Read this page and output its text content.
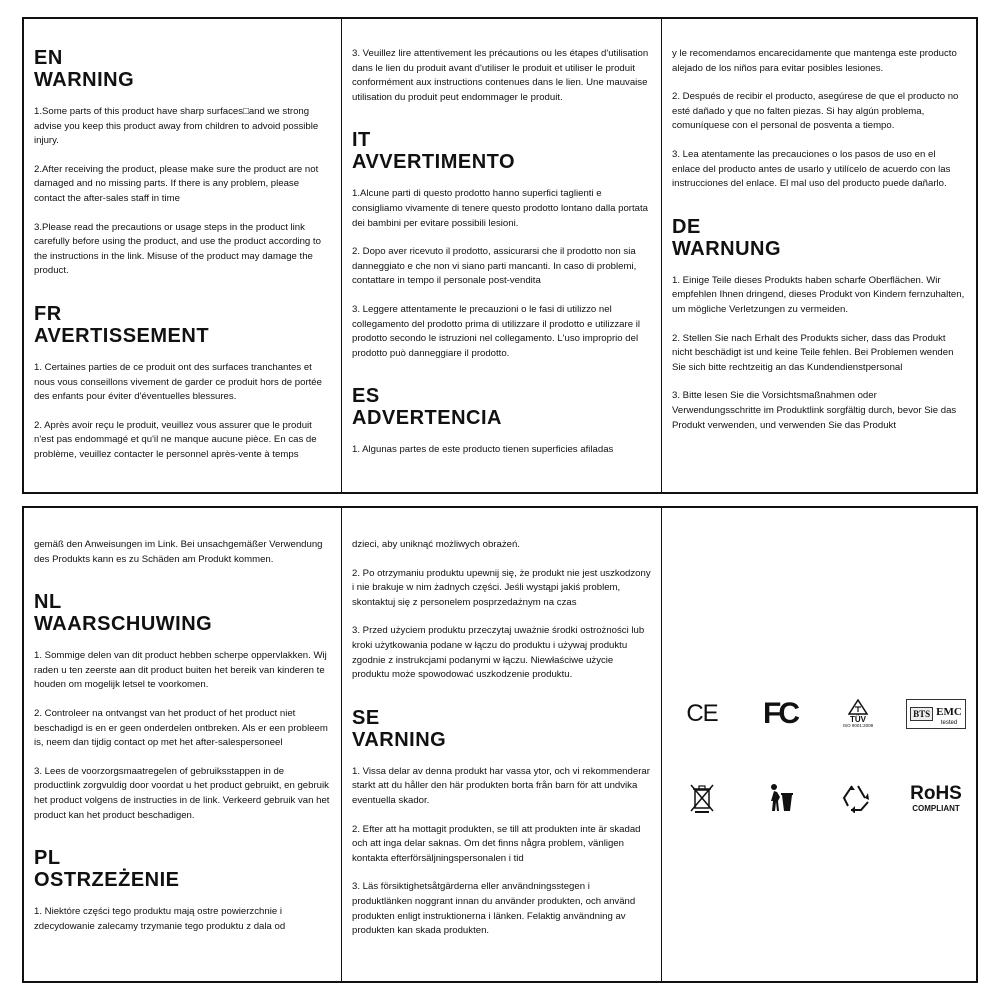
EN
WARNING

1.Some parts of this product have sharp surfaces□and we strong advise you keep this product away from children to advoid possible injury.

2.After receiving the product, please make sure the product are not damaged and no missing parts. If there is any problem, please contact the after-sales staff in time

3.Please read the precautions or usage steps in the product link carefully before using the product, and use the product according to the instructions in the link. Misuse of the product may damage the product.

FR
AVERTISSEMENT

1. Certaines parties de ce produit ont des surfaces tranchantes et nous vous conseillons vivement de garder ce produit hors de portée des enfants pour éviter d'éventuelles blessures.

2. Après avoir reçu le produit, veuillez vous assurer que le produit n'est pas endommagé et qu'il ne manque aucune pièce. En cas de problème, veuillez contacter le personnel après-vente à temps

3. Veuillez lire attentivement les précautions ou les étapes d'utilisation dans le lien du produit avant d'utiliser le produit et utiliser le produit conformément aux instructions contenues dans le lien. Une mauvaise utilisation du produit peut endommager le produit.

IT
AVVERTIMENTO

1.Alcune parti di questo prodotto hanno superfici taglienti e consigliamo vivamente di tenere questo prodotto lontano dalla portata dei bambini per evitare possibili lesioni.

2. Dopo aver ricevuto il prodotto, assicurarsi che il prodotto non sia danneggiato e che non vi siano parti mancanti. In caso di problemi, contattare in tempo il personale post-vendita

3. Leggere attentamente le precauzioni o le fasi di utilizzo nel collegamento del prodotto prima di utilizzare il prodotto e utilizzare il prodotto secondo le istruzioni nel collegamento. L'uso improprio del prodotto può danneggiare il prodotto.

ES
ADVERTENCIA

1. Algunas partes de este producto tienen superficies afiladas

y le recomendamos encarecidamente que mantenga este producto alejado de los niños para evitar posibles lesiones.

2. Después de recibir el producto, asegúrese de que el producto no esté dañado y que no falten piezas. Si hay algún problema, comuníquese con el personal de posventa a tiempo.

3. Lea atentamente las precauciones o los pasos de uso en el enlace del producto antes de usarlo y utilícelo de acuerdo con las instrucciones del enlace. El mal uso del producto puede dañarlo.

DE
WARNUNG

1. Einige Teile dieses Produkts haben scharfe Oberflächen. Wir empfehlen Ihnen dringend, dieses Produkt von Kindern fernzuhalten, um mögliche Verletzungen zu vermeiden.

2. Stellen Sie nach Erhalt des Produkts sicher, dass das Produkt nicht beschädigt ist und keine Teile fehlen. Bei Problemen wenden Sie sich bitte rechtzeitig an das Kundendienstpersonal

3. Bitte lesen Sie die Vorsichtsmaßnahmen oder Verwendungsschritte im Produktlink sorgfältig durch, bevor Sie das Produkt verwenden, und verwenden Sie das Produkt

gemäß den Anweisungen im Link. Bei unsachgemäßer Verwendung des Produkts kann es zu Schäden am Produkt kommen.

NL
WAARSCHUWING

1. Sommige delen van dit product hebben scherpe oppervlakken. Wij raden u ten zeerste aan dit product buiten het bereik van kinderen te houden om mogelijk letsel te voorkomen.

2. Controleer na ontvangst van het product of het product niet beschadigd is en er geen onderdelen ontbreken. Als er een probleem is, neem dan tijdig contact op met het after-salespersoneel

3. Lees de voorzorgsmaatregelen of gebruiksstappen in de productlink zorgvuldig door voordat u het product gebruikt, en gebruik het product volgens de instructies in de link. Verkeerd gebruik van het product kan het product beschadigen.

PL
OSTRZEŻENIE

1. Niektóre części tego produktu mają ostre powierzchnie i zdecydowanie zalecamy trzymanie tego produktu z dala od

dzieci, aby uniknąć możliwych obrażeń.

2. Po otrzymaniu produktu upewnij się, że produkt nie jest uszkodzony i nie brakuje w nim żadnych części. Jeśli wystąpi jakiś problem, skontaktuj się z personelem posprzedażnym na czas

3. Przed użyciem produktu przeczytaj uważnie środki ostrożności lub kroki użytkowania podane w łączu do produktu i używaj produktu zgodnie z instrukcjami podanymi w łączu. Niewłaściwe użycie produktu może spowodować uszkodzenie produktu.

SE
VARNING

1. Vissa delar av denna produkt har vassa ytor, och vi rekommenderar starkt att du håller den här produkten borta från barn för att undvika eventuella skador.

2. Efter att ha mottagit produkten, se till att produkten inte är skadad och att inga delar saknas. Om det finns några problem, vänligen kontakta efterförsäljningspersonalen i tid

3. Läs försiktighetsåtgärderna eller användningsstegen i produktlänken noggrant innan du använder produkten, och använd produkten enligt instruktionerna i länken. Felaktig användning av produkten kan skada produkten.

CE	FC	TÜV
ISO 9001:2008
BTS EMC
tested
RoHS
COMPLIANT
